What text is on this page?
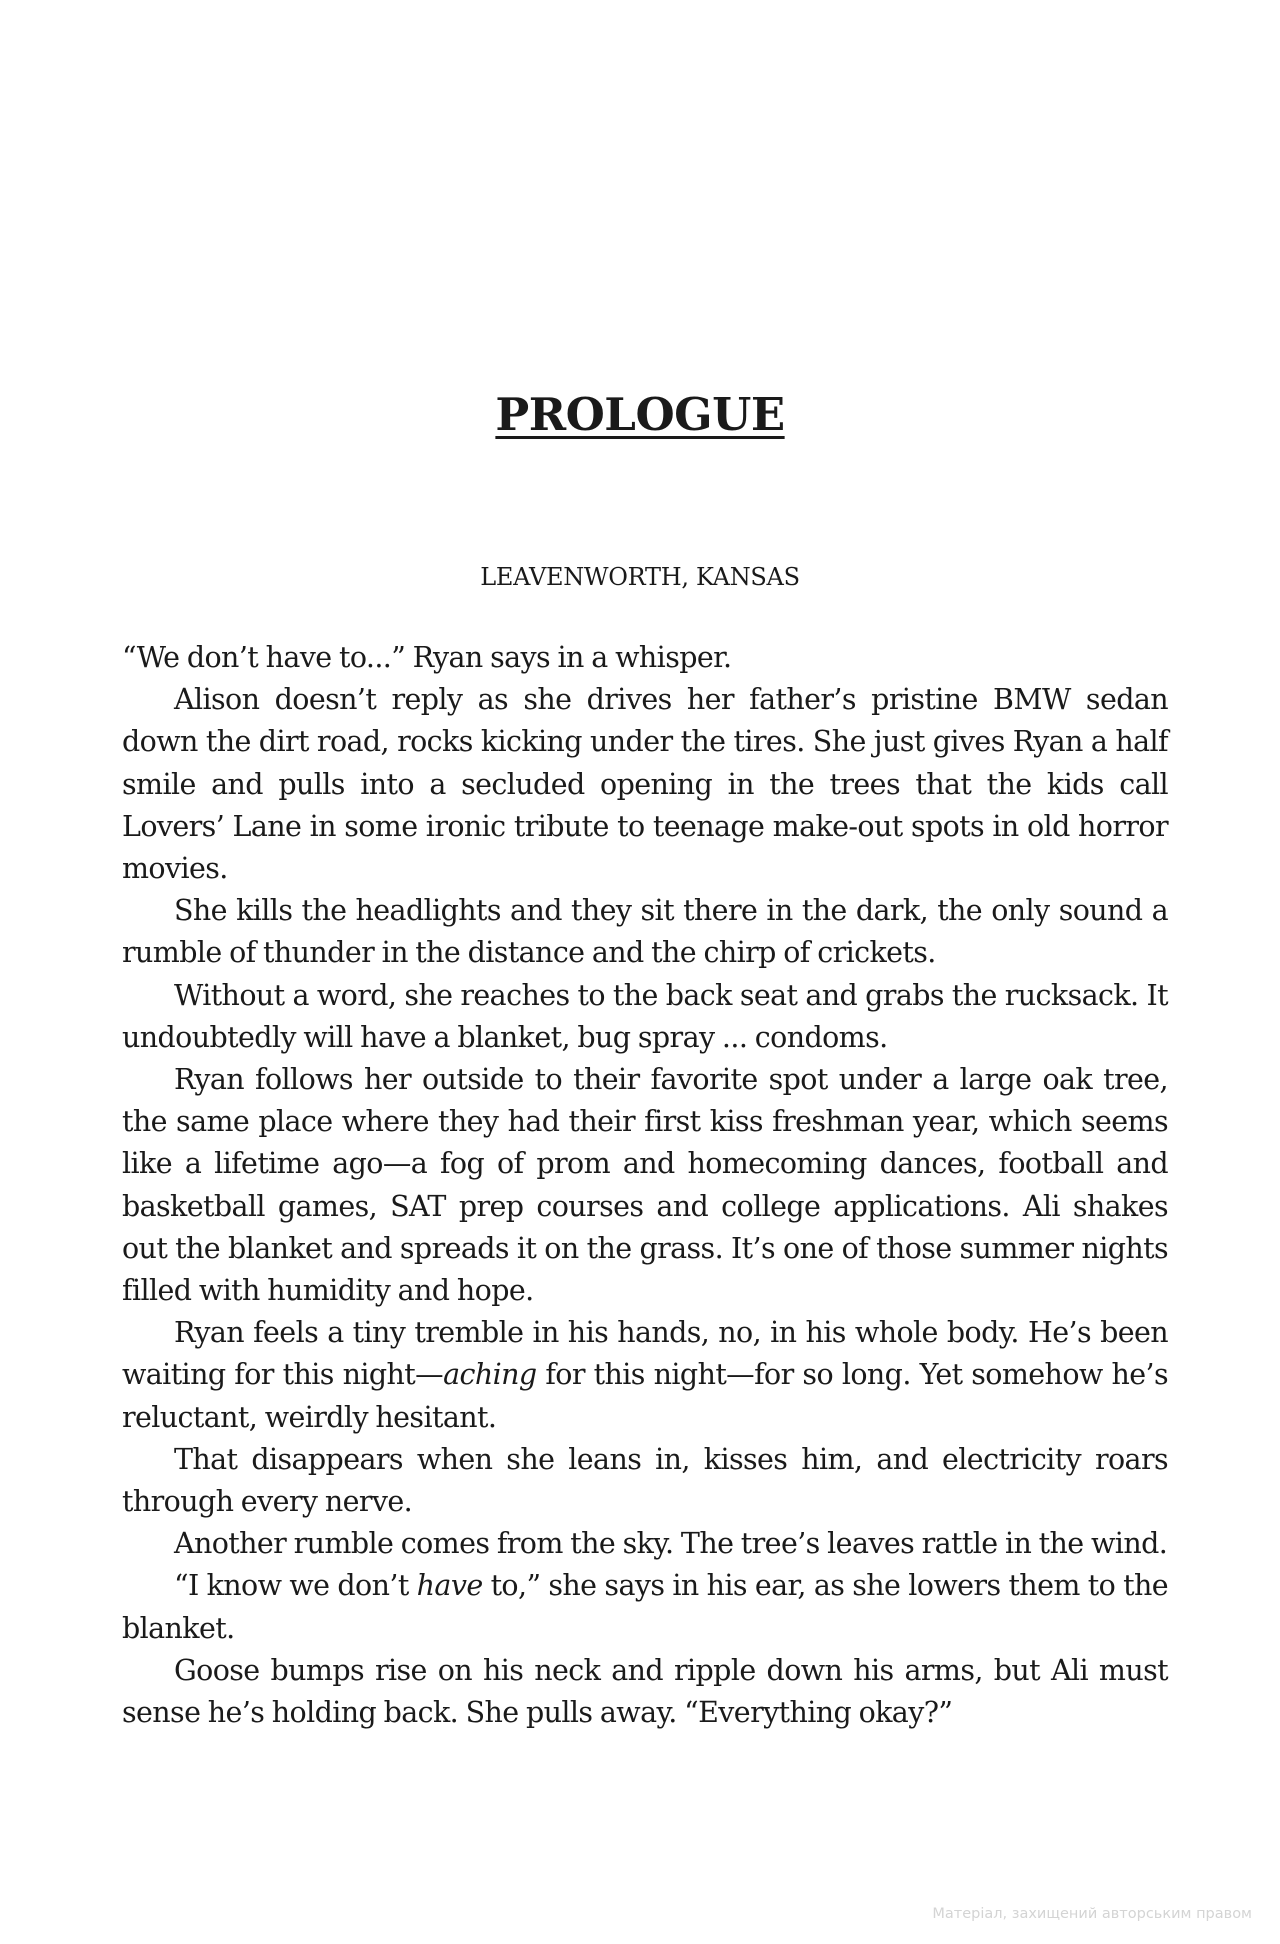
PROLOGUE
LEAVENWORTH, KANSAS

“We don’t have to...” Ryan says in a whisper.

Alison doesn’t reply as she drives her father’s pristine BMW sedan down the dirt road, rocks kicking under the tires. She just gives Ryan a half smile and pulls into a secluded opening in the trees that the kids call Lovers’ Lane in some ironic tribute to teenage make-out spots in old horror movies.

She kills the headlights and they sit there in the dark, the only sound a rumble of thunder in the distance and the chirp of crickets.

Without a word, she reaches to the back seat and grabs the rucksack. It undoubtedly will have a blanket, bug spray ... condoms.

Ryan follows her outside to their favorite spot under a large oak tree, the same place where they had their first kiss freshman year, which seems like a lifetime ago—a fog of prom and homecoming dances, football and basketball games, SAT prep courses and college applications. Ali shakes out the blanket and spreads it on the grass. It’s one of those summer nights filled with humidity and hope.

Ryan feels a tiny tremble in his hands, no, in his whole body. He’s been waiting for this night—aching for this night—for so long. Yet somehow he’s reluctant, weirdly hesitant.

That disappears when she leans in, kisses him, and electricity roars through every nerve.

Another rumble comes from the sky. The tree’s leaves rattle in the wind.

“I know we don’t have to,” she says in his ear, as she lowers them to the blanket.

Goose bumps rise on his neck and ripple down his arms, but Ali must sense he’s holding back. She pulls away. “Everything okay?”

Матеріал, захищений авторським правом
